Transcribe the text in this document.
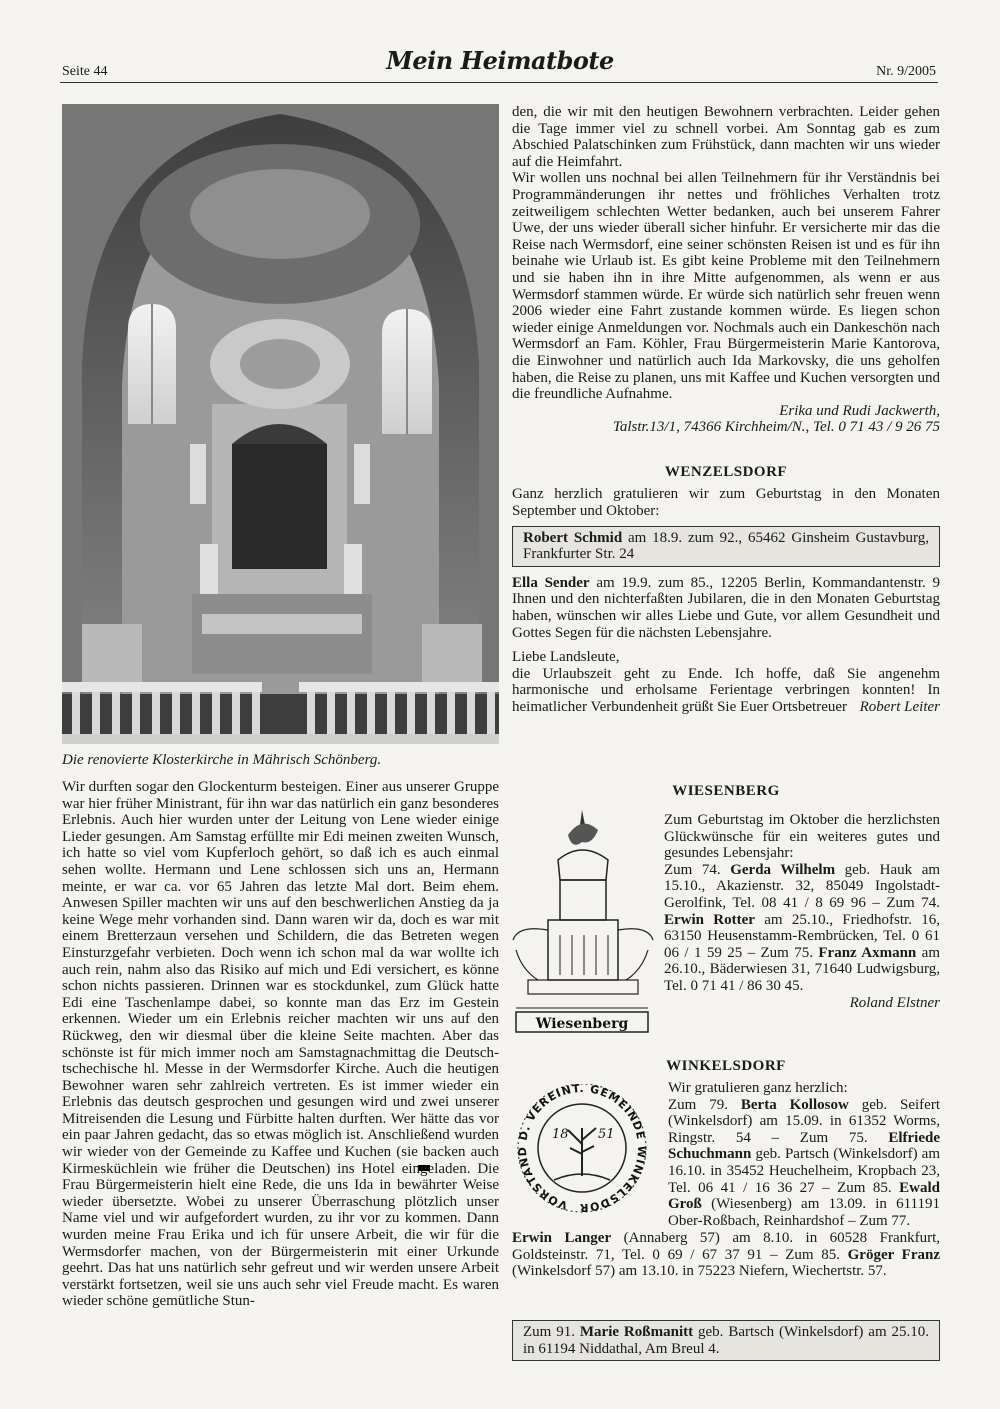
Seite 44	Mein Heimatbote	Nr. 9/2005
Die renovierte Klosterkirche in Mährisch Schönberg.

Wir durften sogar den Glockenturm besteigen. Einer aus unserer Gruppe war hier früher Ministrant, für ihn war das natürlich ein ganz besonderes Erlebnis. Auch hier wurden unter der Leitung von Lene wieder einige Lieder gesungen. Am Samstag erfüllte mir Edi meinen zweiten Wunsch, ich hatte so viel vom Kupferloch gehört, so daß ich es auch einmal sehen wollte. Hermann und Lene schlossen sich uns an, Hermann meinte, er war ca. vor 65 Jahren das letzte Mal dort. Beim ehem. Anwesen Spiller machten wir uns auf den beschwerlichen Anstieg da ja keine Wege mehr vorhanden sind. Dann waren wir da, doch es war mit einem Bretterzaun versehen und Schildern, die das Betreten wegen Einsturzgefahr verbieten. Doch wenn ich schon mal da war wollte ich auch rein, nahm also das Risiko auf mich und Edi versichert, es könne schon nichts passieren. Drinnen war es stockdunkel, zum Glück hatte Edi eine Taschenlampe dabei, so konnte man das Erz im Gestein erkennen. Wieder um ein Erlebnis reicher machten wir uns auf den Rückweg, den wir diesmal über die kleine Seite machten. Aber das schönste ist für mich immer noch am Samstagnachmittag die Deutsch-tschechische hl. Messe in der Wermsdorfer Kirche. Auch die heutigen Bewohner waren sehr zahlreich vertreten. Es ist immer wieder ein Erlebnis das deutsch gesprochen und gesungen wird und zwei unserer Mitreisenden die Lesung und Fürbitte halten durften. Wer hätte das vor ein paar Jahren gedacht, das so etwas möglich ist. Anschließend wurden wir wieder von der Gemeinde zu Kaffee und Kuchen (sie backen auch Kirmesküchlein wie früher die Deutschen) ins Hotel eingeladen. Die Frau Bürgermeisterin hielt eine Rede, die uns Ida in bewährter Weise wieder übersetzte. Wobei zu unserer Überraschung plötzlich unser Name viel und wir aufgefordert wurden, zu ihr vor zu kommen. Dann wurden meine Frau Erika und ich für unsere Arbeit, die wir für die Wermsdorfer machen, von der Bürgermeisterin mit einer Urkunde geehrt. Das hat uns natürlich sehr gefreut und wir werden unsere Arbeit verstärkt fortsetzen, weil sie uns auch sehr viel Freude macht. Es waren wieder schöne gemütliche Stun-

den, die wir mit den heutigen Bewohnern verbrachten. Leider gehen die Tage immer viel zu schnell vorbei. Am Sonntag gab es zum Abschied Palatschinken zum Frühstück, dann machten wir uns wieder auf die Heimfahrt.

Wir wollen uns nochnal bei allen Teilnehmern für ihr Verständnis bei Programmänderungen ihr nettes und fröhliches Verhalten trotz zeitweiligem schlechten Wetter bedanken, auch bei unserem Fahrer Uwe, der uns wieder überall sicher hinfuhr. Er versicherte mir das die Reise nach Wermsdorf, eine seiner schönsten Reisen ist und es für ihn beinahe wie Urlaub ist. Es gibt keine Probleme mit den Teilnehmern und sie haben ihn in ihre Mitte aufgenommen, als wenn er aus Wermsdorf stammen würde. Er würde sich natürlich sehr freuen wenn 2006 wieder eine Fahrt zustande kommen würde. Es liegen schon wieder einige Anmeldungen vor. Nochmals auch ein Dankeschön nach Wermsdorf an Fam. Köhler, Frau Bürgermeisterin Marie Kantorova, die Einwohner und natürlich auch Ida Markovsky, die uns geholfen haben, die Reise zu planen, uns mit Kaffee und Kuchen versorgten und die freundliche Aufnahme.

Erika und Rudi Jackwerth,

Talstr.13/1, 74366 Kirchheim/N., Tel. 0 71 43 / 9 26 75

WENZELSDORF

Ganz herzlich gratulieren wir zum Geburtstag in den Monaten September und Oktober:

Robert Schmid am 18.9. zum 92., 65462 Ginsheim Gustavburg, Frankfurter Str. 24

Ella Sender am 19.9. zum 85., 12205 Berlin, Kommandantenstr. 9 Ihnen und den nichterfaßten Jubilaren, die in den Monaten Geburtstag haben, wünschen wir alles Liebe und Gute, vor allem Gesundheit und Gottes Segen für die nächsten Lebensjahre.

Liebe Landsleute,

die Urlaubszeit geht zu Ende. Ich hoffe, daß Sie angenehm harmonische und erholsame Ferientage verbringen konnten! In heimatlicher Verbundenheit grüßt Sie Euer Ortsbetreuer Robert Leiter

WIESENBERG
Wiesenberg

Zum Geburtstag im Oktober die herzlichsten Glückwünsche für ein weiteres gutes und gesundes Lebensjahr:

Zum 74. Gerda Wilhelm geb. Hauk am 15.10., Akazienstr. 32, 85049 Ingolstadt-Gerolfink, Tel. 08 41 / 8 69 96 – Zum 74. Erwin Rotter am 25.10., Friedhofstr. 16, 63150 Heusenstamm-Rembrücken, Tel. 0 61 06 / 1 59 25 – Zum 75. Franz Axmann am 26.10., Bäderwiesen 31, 71640 Ludwigsburg, Tel. 0 71 41 / 86 30 45.

Roland Elstner

WINKELSDORF
VORSTAND D. VEREINT. GEMEINDE WINKELSDOR
18 51

Wir gratulieren ganz herzlich:

Zum 79. Berta Kollosow geb. Seifert (Winkelsdorf) am 15.09. in 61352 Worms, Ringstr. 54 – Zum 75. Elfriede Schuchmann geb. Partsch (Winkelsdorf) am 16.10. in 35452 Heuchelheim, Kropbach 23, Tel. 06 41 / 16 36 27 – Zum 85. Ewald Groß (Wiesenberg) am 13.09. in 611191 Ober-Roßbach, Reinhardshof – Zum 77.

Erwin Langer (Annaberg 57) am 8.10. in 60528 Frankfurt, Goldsteinstr. 71, Tel. 0 69 / 67 37 91 – Zum 85. Gröger Franz (Winkelsdorf 57) am 13.10. in 75223 Niefern, Wiechertstr. 57.

Zum 91. Marie Roßmanitt geb. Bartsch (Winkelsdorf) am 25.10. in 61194 Niddathal, Am Breul 4.
